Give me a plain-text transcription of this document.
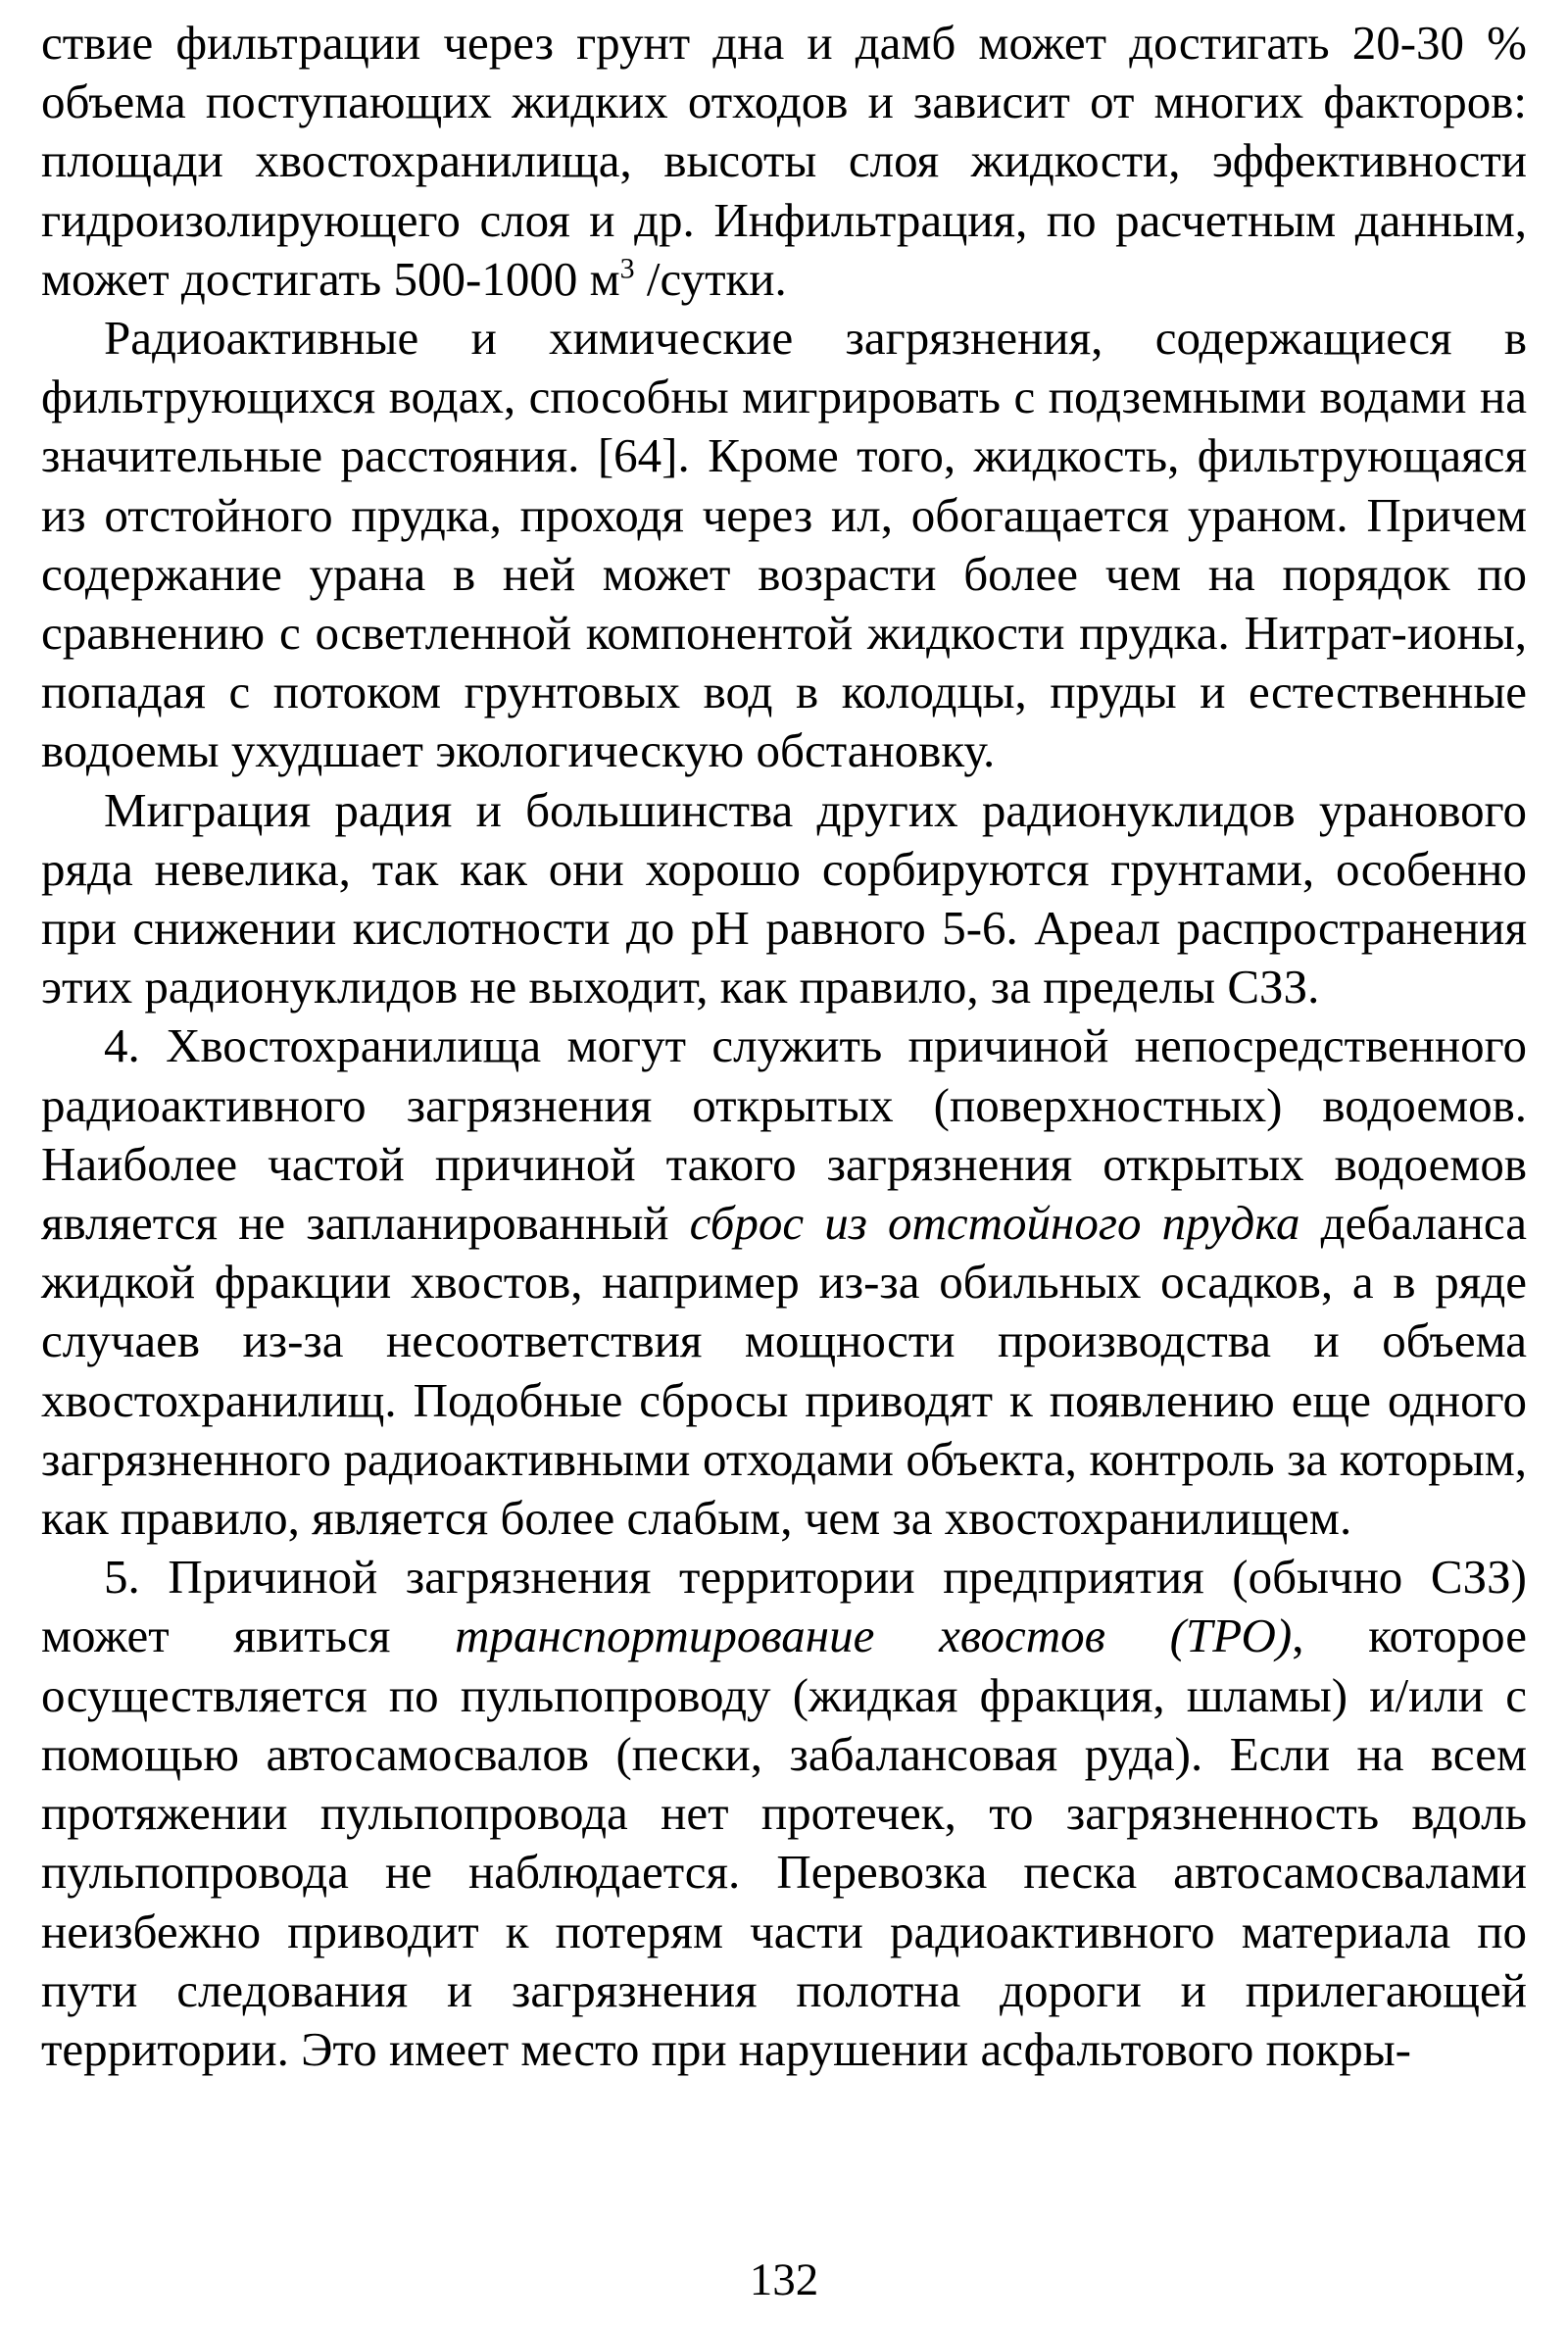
ствие фильтрации через грунт дна и дамб может достигать 20-30 % объема поступающих жидких отходов и зависит от многих факторов: площади хвостохранилища, высоты слоя жидкости, эффективности гидроизолирующего слоя и др. Инфильтрация, по расчетным данным, может достигать 500-1000 $м^3$ /сутки.

Радиоактивные и химические загрязнения, содержащиеся в фильтрующихся водах, способны мигрировать с подземными водами на значительные расстояния. [64]. Кроме того, жидкость, фильтрующаяся из отстойного прудка, проходя через ил, обогащается ураном. Причем содержание урана в ней может возрасти более чем на порядок по сравнению с осветленной компонентой жидкости прудка. Нитрат-ионы, попадая с потоком грунтовых вод в колодцы, пруды и естественные водоемы ухудшает экологическую обстановку.

Миграция радия и большинства других радионуклидов уранового ряда невелика, так как они хорошо сорбируются грунтами, особенно при снижении кислотности до pH равного 5-6. Ареал распространения этих радионуклидов не выходит, как правило, за пределы СЗЗ.

4. Хвостохранилища могут служить причиной непосредственного радиоактивного загрязнения открытых (поверхностных) водоемов. Наиболее частой причиной такого загрязнения открытых водоемов является не запланированный сброс из отстойного прудка дебаланса жидкой фракции хвостов, например из-за обильных осадков, а в ряде случаев из-за несоответствия мощности производства и объема хвостохранилищ. Подобные сбросы приводят к появлению еще одного загрязненного радиоактивными отходами объекта, контроль за которым, как правило, является более слабым, чем за хвостохранилищем.

5. Причиной загрязнения территории предприятия (обычно СЗЗ) может явиться транспортирование хвостов (ТРО), которое осуществляется по пульпопроводу (жидкая фракция, шламы) и/или с помощью автосамосвалов (пески, забалансовая руда). Если на всем протяжении пульпопровода нет протечек, то загрязненность вдоль пульпопровода не наблюдается. Перевозка песка автосамосвалами неизбежно приводит к потерям части радиоактивного материала по пути следования и загрязнения полотна дороги и прилегающей территории. Это имеет место при нарушении асфальтового покры-

132
